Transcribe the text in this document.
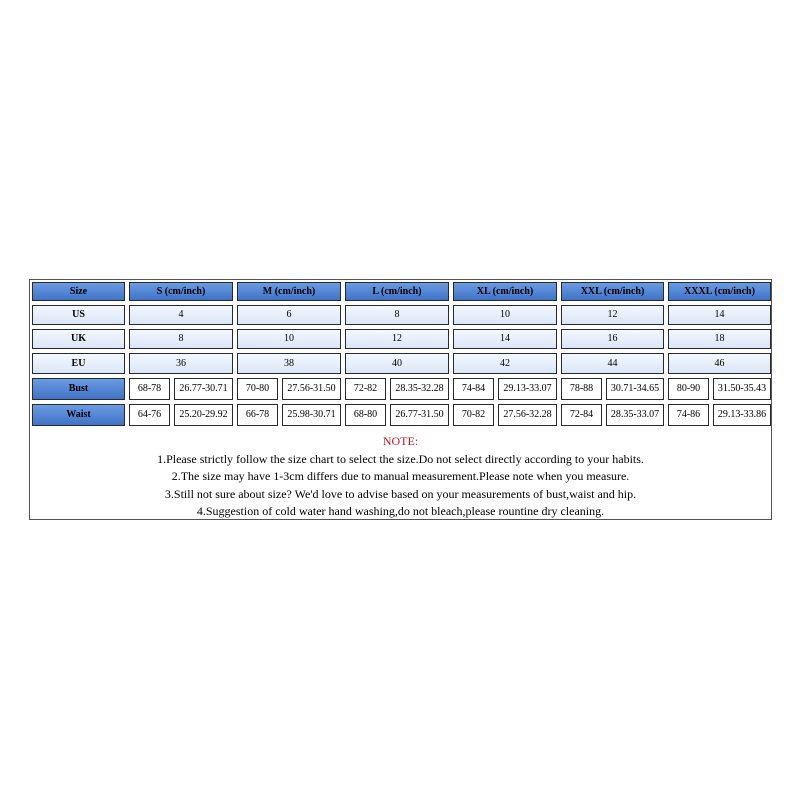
Size	S (cm/inch)	M (cm/inch)	L (cm/inch)	XL (cm/inch)	XXL (cm/inch)	XXXL (cm/inch)
US	4	6	8	10	12	14
UK	8	10	12	14	16	18
EU	36	38	40	42	44	46
Bust	68-78	26.77-30.71	70-80	27.56-31.50	72-82	28.35-32.28	74-84	29.13-33.07	78-88	30.71-34.65	80-90	31.50-35.43
Waist	64-76	25.20-29.92	66-78	25.98-30.71	68-80	26.77-31.50	70-82	27.56-32.28	72-84	28.35-33.07	74-86	29.13-33.86
NOTE:
1.Please strictly follow the size chart to select the size.Do not select directly according to your habits.
2.The size may have 1-3cm differs due to manual measurement.Please note when you measure.
3.Still not sure about size? We'd love to advise based on your measurements of bust,waist and hip.
4.Suggestion of cold water hand washing,do not bleach,please rountine dry cleaning.
